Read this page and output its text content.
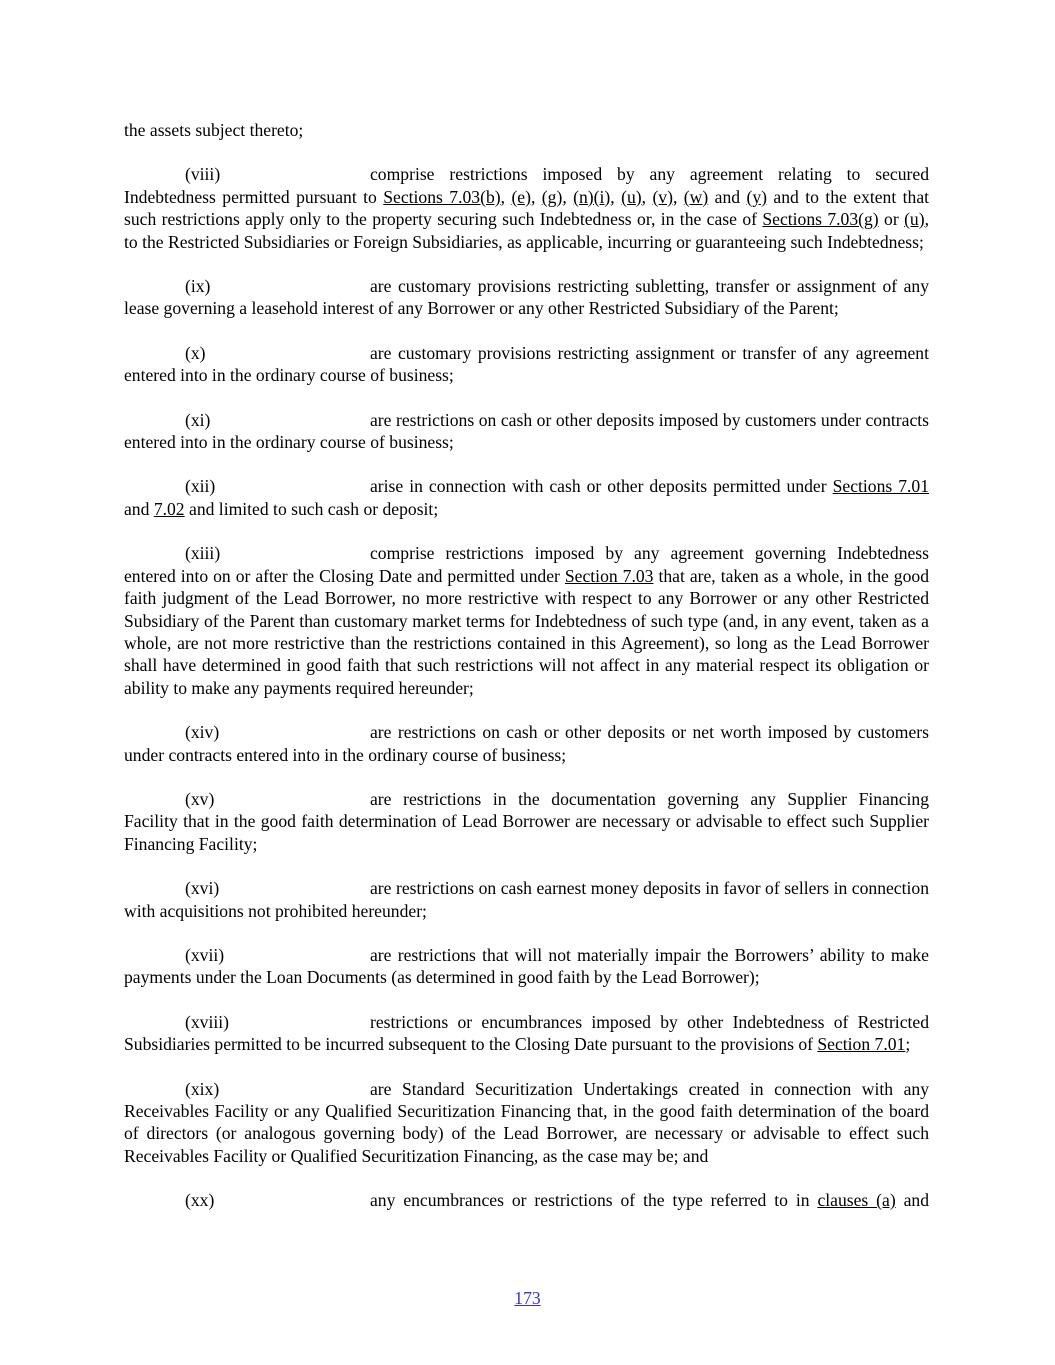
the assets subject thereto;

(viii)	comprise restrictions imposed by any agreement relating to secured Indebtedness permitted pursuant to Sections 7.03(b), (e), (g), (n)(i), (u), (v), (w) and (y) and to the extent that such restrictions apply only to the property securing such Indebtedness or, in the case of Sections 7.03(g) or (u), to the Restricted Subsidiaries or Foreign Subsidiaries, as applicable, incurring or guaranteeing such Indebtedness;

(ix)	are customary provisions restricting subletting, transfer or assignment of any lease governing a leasehold interest of any Borrower or any other Restricted Subsidiary of the Parent;

(x)	are customary provisions restricting assignment or transfer of any agreement entered into in the ordinary course of business;

(xi)	are restrictions on cash or other deposits imposed by customers under contracts entered into in the ordinary course of business;

(xii)	arise in connection with cash or other deposits permitted under Sections 7.01 and 7.02 and limited to such cash or deposit;

(xiii)	comprise restrictions imposed by any agreement governing Indebtedness entered into on or after the Closing Date and permitted under Section 7.03 that are, taken as a whole, in the good faith judgment of the Lead Borrower, no more restrictive with respect to any Borrower or any other Restricted Subsidiary of the Parent than customary market terms for Indebtedness of such type (and, in any event, taken as a whole, are not more restrictive than the restrictions contained in this Agreement), so long as the Lead Borrower shall have determined in good faith that such restrictions will not affect in any material respect its obligation or ability to make any payments required hereunder;

(xiv)	are restrictions on cash or other deposits or net worth imposed by customers under contracts entered into in the ordinary course of business;

(xv)	are restrictions in the documentation governing any Supplier Financing Facility that in the good faith determination of Lead Borrower are necessary or advisable to effect such Supplier Financing Facility;

(xvi)	are restrictions on cash earnest money deposits in favor of sellers in connection with acquisitions not prohibited hereunder;

(xvii)	are restrictions that will not materially impair the Borrowers’ ability to make payments under the Loan Documents (as determined in good faith by the Lead Borrower);

(xviii)	restrictions or encumbrances imposed by other Indebtedness of Restricted Subsidiaries permitted to be incurred subsequent to the Closing Date pursuant to the provisions of Section 7.01;

(xix)	are Standard Securitization Undertakings created in connection with any Receivables Facility or any Qualified Securitization Financing that, in the good faith determination of the board of directors (or analogous governing body) of the Lead Borrower, are necessary or advisable to effect such Receivables Facility or Qualified Securitization Financing, as the case may be; and

(xx)	any encumbrances or restrictions of the type referred to in clauses (a) and

173
